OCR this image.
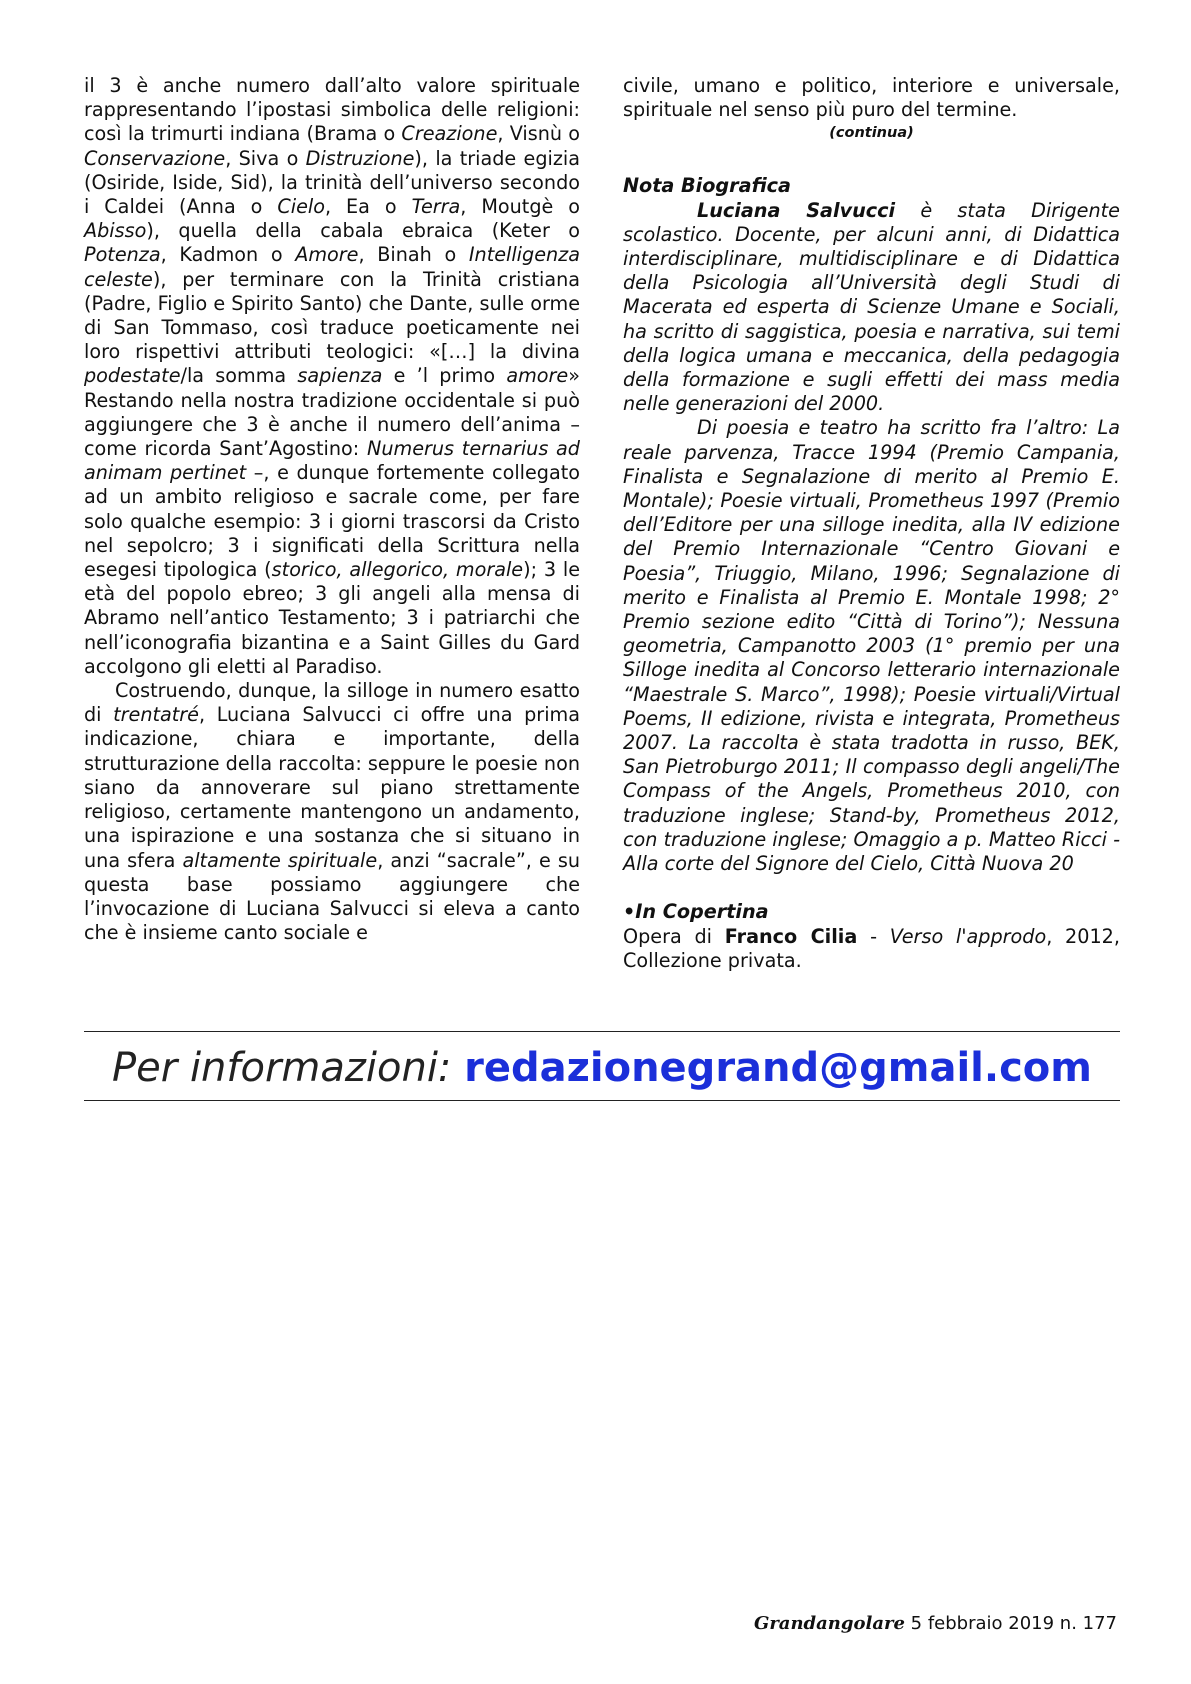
il 3 è anche numero dall’alto valore spirituale rappresentando l’ipostasi simbolica delle religioni: così la trimurti indiana (Brama o Creazione, Visnù o Conservazione, Siva o Distruzione), la triade egizia (Osiride, Iside, Sid), la trinità dell’universo secondo i Caldei (Anna o Cielo, Ea o Terra, Moutgè o Abisso), quella della cabala ebraica (Keter o Potenza, Kadmon o Amore, Binah o Intelligenza celeste), per terminare con la Trinità cristiana (Padre, Figlio e Spirito Santo) che Dante, sulle orme di San Tommaso, così traduce poeticamente nei loro rispettivi attributi teologici: «[…] la divina podestate/la somma sapienza e ’l primo amore» Restando nella nostra tradizione occidentale si può aggiungere che 3 è anche il numero dell’anima – come ricorda Sant’Agostino: Numerus ternarius ad animam pertinet –, e dunque fortemente collegato ad un ambito religioso e sacrale come, per fare solo qualche esempio: 3 i giorni trascorsi da Cristo nel sepolcro; 3 i significati della Scrittura nella esegesi tipologica (storico, allegorico, morale); 3 le età del popolo ebreo; 3 gli angeli alla mensa di Abramo nell’antico Testamento; 3 i patriarchi che nell’iconografia bizantina e a Saint Gilles du Gard accolgono gli eletti al Paradiso.

Costruendo, dunque, la silloge in numero esatto di trentatré, Luciana Salvucci ci offre una prima indicazione, chiara e importante, della strutturazione della raccolta: seppure le poesie non siano da annoverare sul piano strettamente religioso, certamente mantengono un andamento, una ispirazione e una sostanza che si situano in una sfera altamente spirituale, anzi “sacrale”, e su questa base possiamo aggiungere che l’invocazione di Luciana Salvucci si eleva a canto che è insieme canto sociale e

civile, umano e politico, interiore e universale, spirituale nel senso più puro del termine.

(continua)

Nota Biografica

Luciana Salvucci è stata Dirigente scolastico. Docente, per alcuni anni, di Didattica interdisciplinare, multidisciplinare e di Didattica della Psicologia all’Università degli Studi di Macerata ed esperta di Scienze Umane e Sociali, ha scritto di saggistica, poesia e narrativa, sui temi della logica umana e meccanica, della pedagogia della formazione e sugli effetti dei mass media nelle generazioni del 2000.

Di poesia e teatro ha scritto fra l’altro: La reale parvenza, Tracce 1994 (Premio Campania, Finalista e Segnalazione di merito al Premio E. Montale); Poesie virtuali, Prometheus 1997 (Premio dell’Editore per una silloge inedita, alla IV edizione del Premio Internazionale “Centro Giovani e Poesia”, Triuggio, Milano, 1996; Segnalazione di merito e Finalista al Premio E. Montale 1998; 2° Premio sezione edito “Città di Torino”); Nessuna geometria, Campanotto 2003 (1° premio per una Silloge inedita al Concorso letterario internazionale “Maestrale S. Marco”, 1998); Poesie virtuali/Virtual Poems, II edizione, rivista e integrata, Prometheus 2007. La raccolta è stata tradotta in russo, BEK, San Pietroburgo 2011; Il compasso degli angeli/The Compass of the Angels, Prometheus 2010, con traduzione inglese; Stand-by, Prometheus 2012, con traduzione inglese; Omaggio a p. Matteo Ricci - Alla corte del Signore del Cielo, Città Nuova 20

•In Copertina

Opera di Franco Cilia - Verso l'approdo, 2012, Collezione privata.

Per informazioni: redazionegrand@gmail.com
Grandangolare 5 febbraio 2019 n. 177
